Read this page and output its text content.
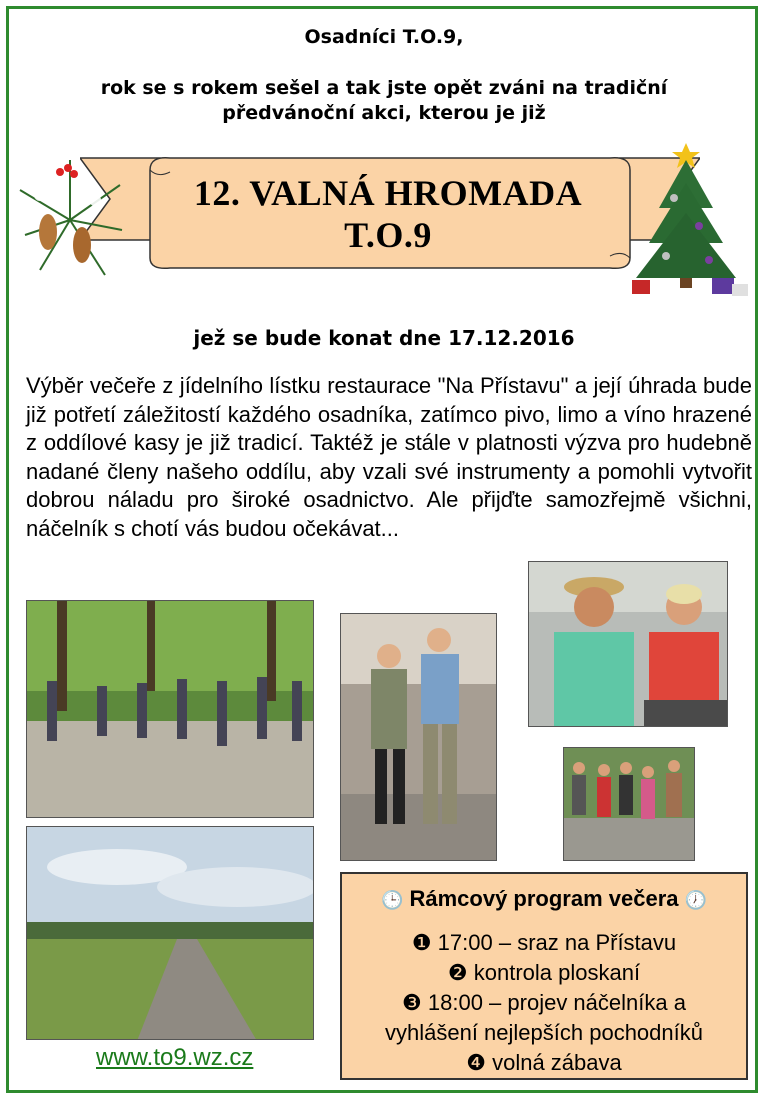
Osadníci T.O.9,
rok se s rokem sešel a tak jste opět zváni na tradiční
předvánoční akci, kterou je již
12. VALNÁ HROMADA
T.O.9
jež se bude konat dne 17.12.2016
Výběr večeře z jídelního lístku restaurace "Na Přístavu" a její úhrada bude již potřetí záležitostí každého osadníka, zatímco pivo, limo a víno hrazené z oddílové kasy je již tradicí. Taktéž je stále v platnosti výzva pro hudebně nadané členy našeho oddílu, aby vzali své instrumenty a pomohli vytvořit dobrou náladu pro široké osadnictvo. Ale přijďte samozřejmě všichni, náčelník s chotí vás budou očekávat...
www.to9.wz.cz
🕒 Rámcový program večera 🕖
❶ 17:00 – sraz na Přístavu
❷ kontrola ploskaní
❸ 18:00 – projev náčelníka a
vyhlášení nejlepších pochodníků
❹ volná zábava
